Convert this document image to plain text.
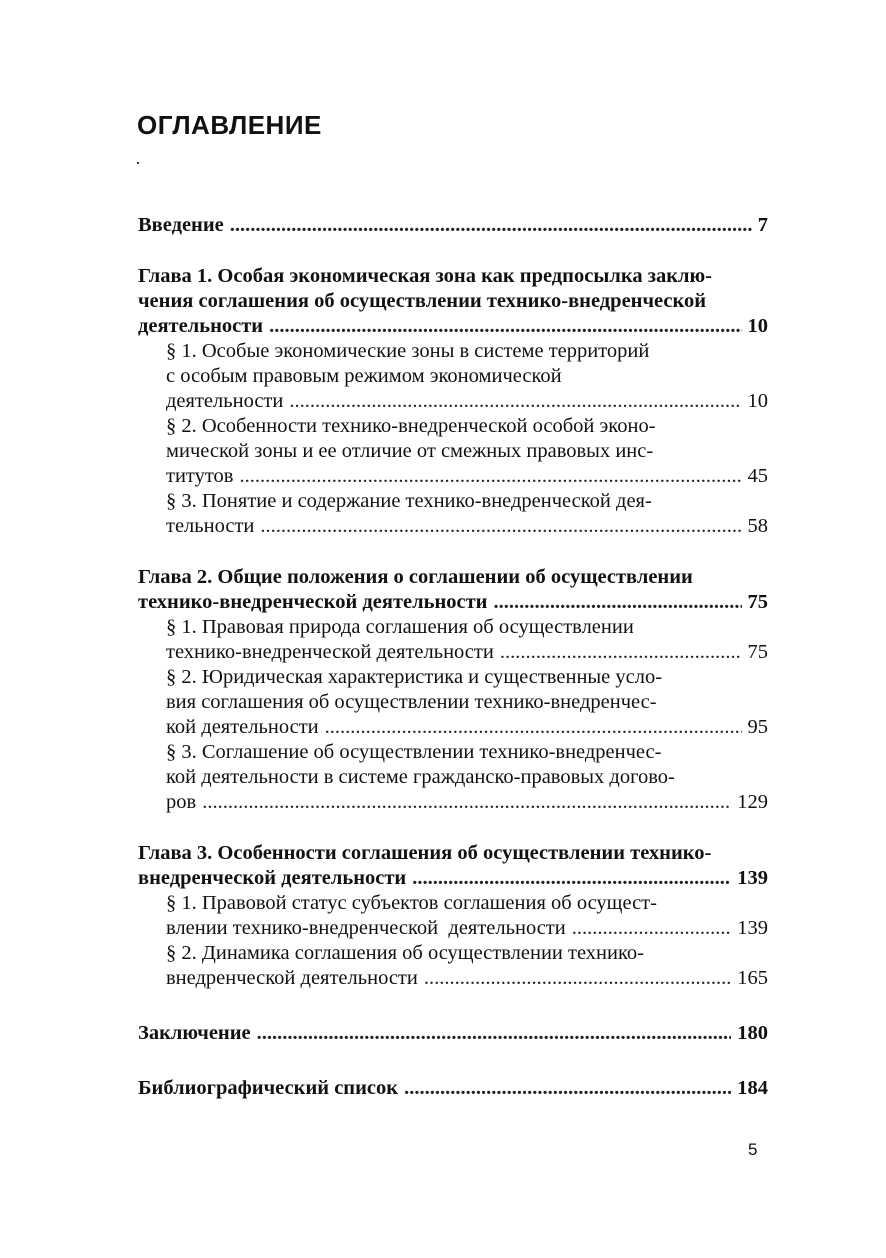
ОГЛАВЛЕНИЕ
Введение .....	7
Глава 1. Особая экономическая зона как предпосылка заклю-
чения соглашения об осуществлении технико-внедренческой
деятельности .....	10
§ 1. Особые экономические зоны в системе территорий
с особым правовым режимом экономической
деятельности .....	10
§ 2. Особенности технико-внедренческой особой эконо-
мической зоны и ее отличие от смежных правовых инс-
титутов .....	45
§ 3. Понятие и содержание технико-внедренческой дея-
тельности .....	58
Глава 2. Общие положения о соглашении об осуществлении
технико-внедренческой деятельности .....	75
§ 1. Правовая природа соглашения об осуществлении
технико-внедренческой деятельности .....	75
§ 2. Юридическая характеристика и существенные усло-
вия соглашения об осуществлении технико-внедренчес-
кой деятельности .....	95
§ 3. Соглашение об осуществлении технико-внедренчес-
кой деятельности в системе гражданско-правовых догово-
ров .....	129
Глава 3. Особенности соглашения об осуществлении технико-
внедренческой деятельности .....	139
§ 1. Правовой статус субъектов соглашения об осущест-
влении технико-внедренческой  деятельности .....	139
§ 2. Динамика соглашения об осуществлении технико-
внедренческой деятельности .....	165
Заключение .....	180
Библиографический список .....	184
5
